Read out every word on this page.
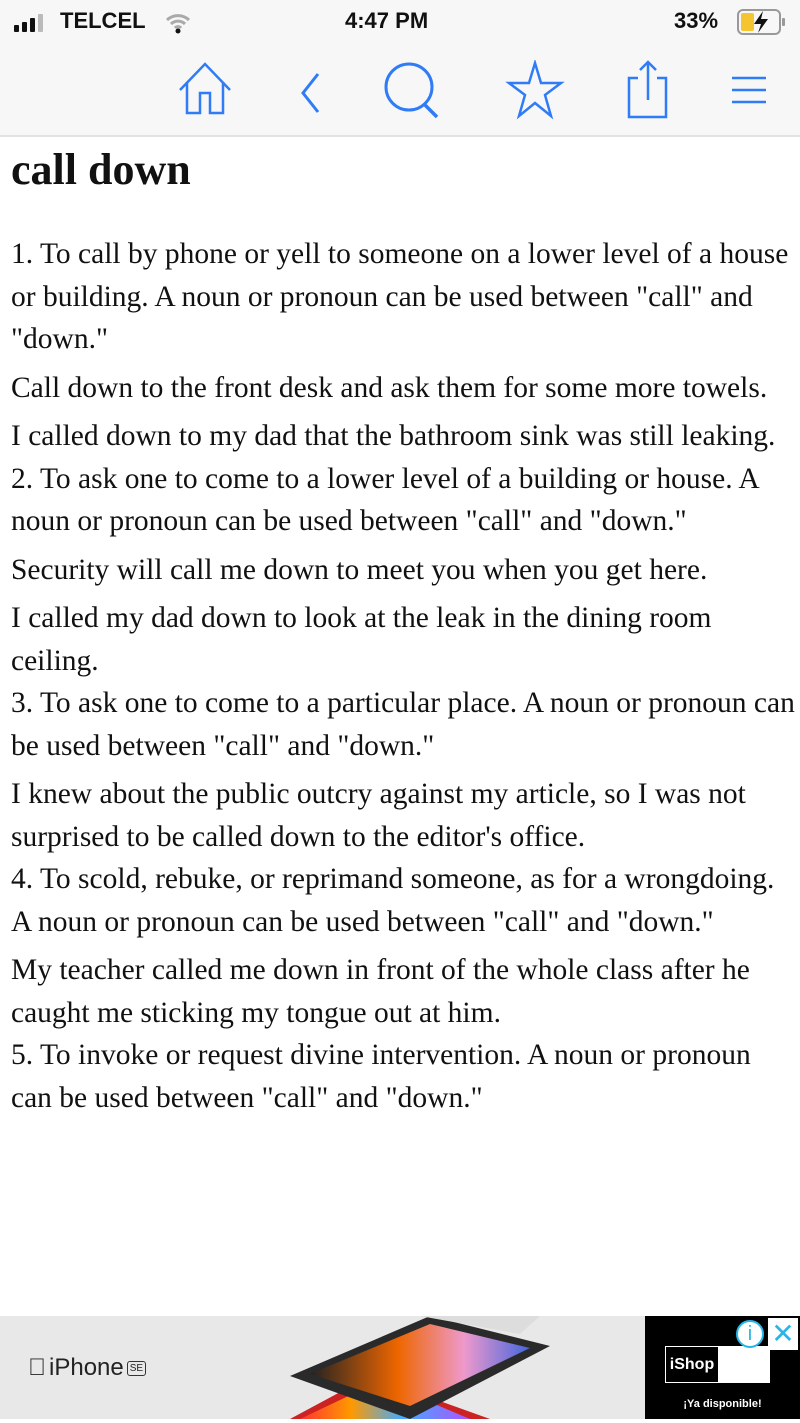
TELCEL	4:47 PM	33%
call down

1. To call by phone or yell to someone on a lower level of a house or building. A noun or pronoun can be used between "call" and "down."

Call down to the front desk and ask them for some more towels.

I called down to my dad that the bathroom sink was still leaking.

2. To ask one to come to a lower level of a building or house. A noun or pronoun can be used between "call" and "down."

Security will call me down to meet you when you get here.

I called my dad down to look at the leak in the dining room ceiling.

3. To ask one to come to a particular place. A noun or pronoun can be used between "call" and "down."

I knew about the public outcry against my article, so I was not surprised to be called down to the editor's office.

4. To scold, rebuke, or reprimand someone, as for a wrongdoing. A noun or pronoun can be used between "call" and "down."

My teacher called me down in front of the whole class after he caught me sticking my tongue out at him.

5. To invoke or request divine intervention. A noun or pronoun can be used between "call" and "down."

iPhone SE	iShop
¡Ya disponible!
i ✕
